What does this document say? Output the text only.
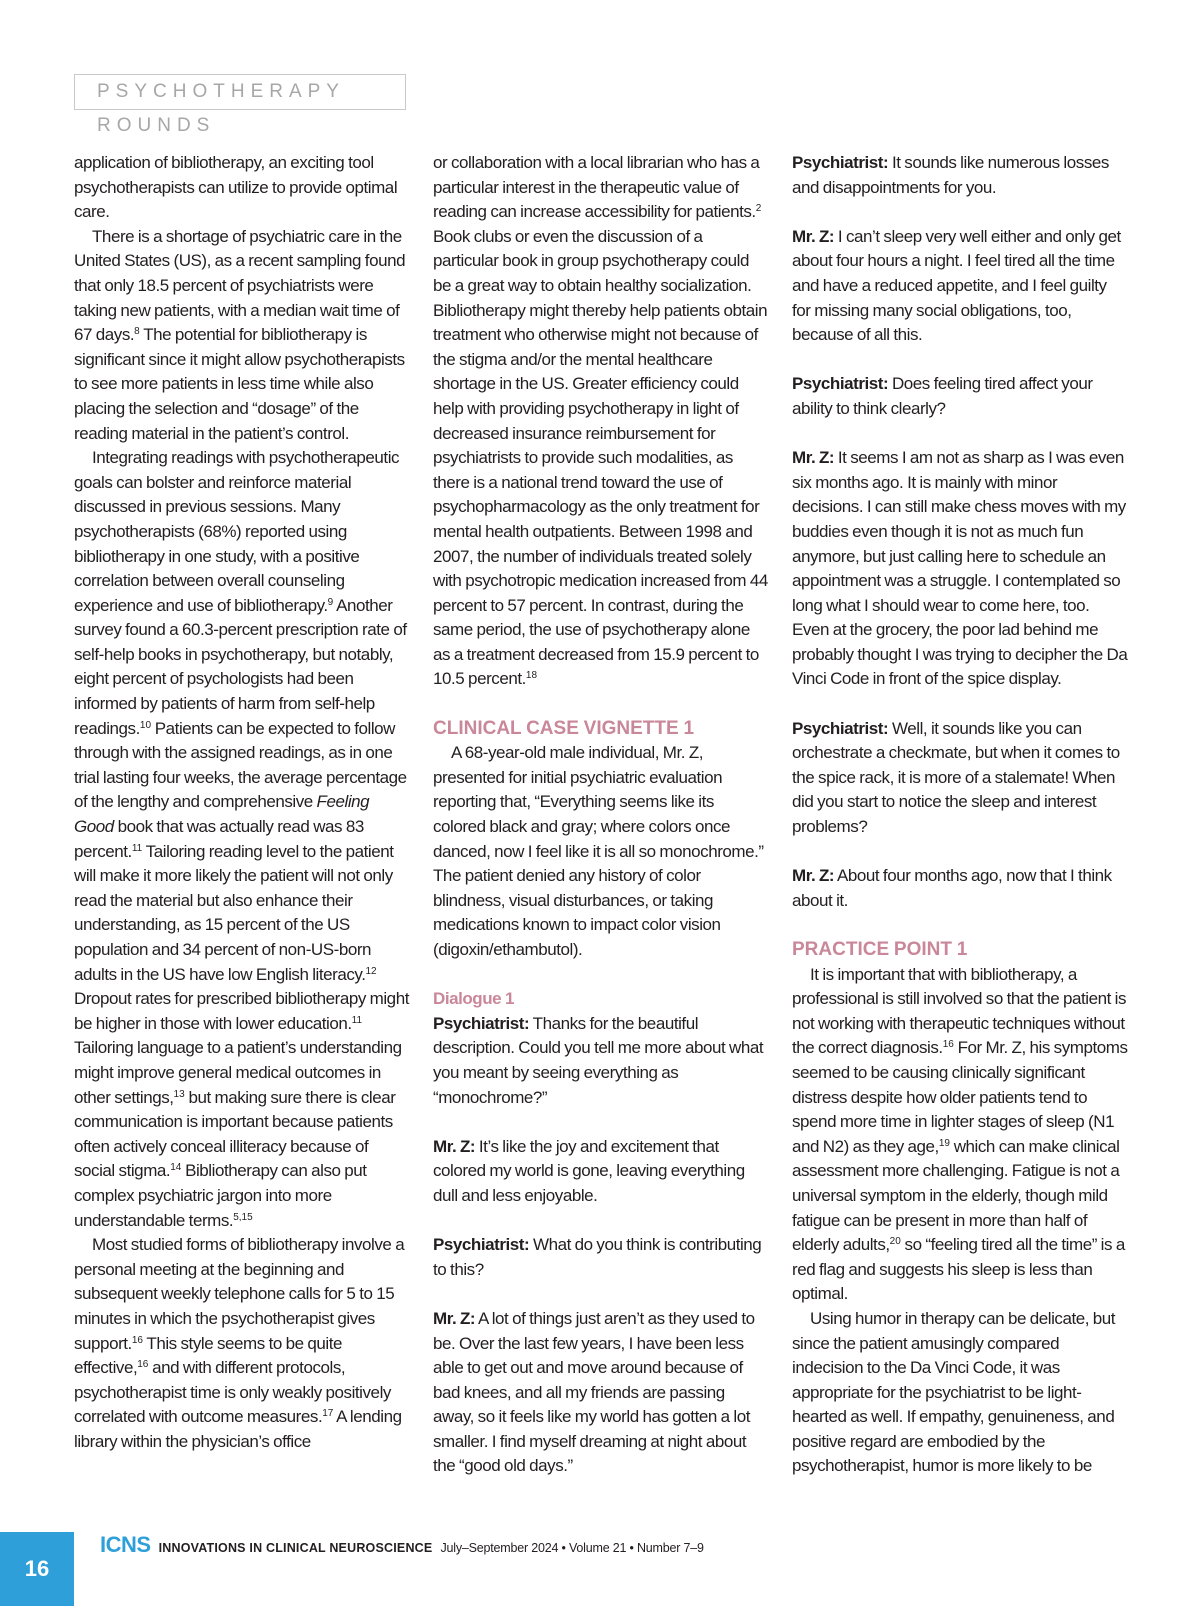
PSYCHOTHERAPY ROUNDS

application of bibliotherapy, an exciting tool psychotherapists can utilize to provide optimal care.

There is a shortage of psychiatric care in the United States (US), as a recent sampling found that only 18.5 percent of psychiatrists were taking new patients, with a median wait time of 67 days.$^8$ The potential for bibliotherapy is significant since it might allow psychotherapists to see more patients in less time while also placing the selection and “dosage” of the reading material in the patient’s control.

Integrating readings with psychotherapeutic goals can bolster and reinforce material discussed in previous sessions. Many psychotherapists (68%) reported using bibliotherapy in one study, with a positive correlation between overall counseling experience and use of bibliotherapy.$^9$ Another survey found a 60.3-percent prescription rate of self-help books in psychotherapy, but notably, eight percent of psychologists had been informed by patients of harm from self-help readings.$^{10}$ Patients can be expected to follow through with the assigned readings, as in one trial lasting four weeks, the average percentage of the lengthy and comprehensive Feeling Good book that was actually read was 83 percent.$^{11}$ Tailoring reading level to the patient will make it more likely the patient will not only read the material but also enhance their understanding, as 15 percent of the US population and 34 percent of non-US-born adults in the US have low English literacy.$^{12}$ Dropout rates for prescribed bibliotherapy might be higher in those with lower education.$^{11}$ Tailoring language to a patient’s understanding might improve general medical outcomes in other settings,$^{13}$ but making sure there is clear communication is important because patients often actively conceal illiteracy because of social stigma.$^{14}$ Bibliotherapy can also put complex psychiatric jargon into more understandable terms.$^{5,15}$

Most studied forms of bibliotherapy involve a personal meeting at the beginning and subsequent weekly telephone calls for 5 to 15 minutes in which the psychotherapist gives support.$^{16}$ This style seems to be quite effective,$^{16}$ and with different protocols, psychotherapist time is only weakly positively correlated with outcome measures.$^{17}$ A lending library within the physician’s office

or collaboration with a local librarian who has a particular interest in the therapeutic value of reading can increase accessibility for patients.$^2$ Book clubs or even the discussion of a particular book in group psychotherapy could be a great way to obtain healthy socialization. Bibliotherapy might thereby help patients obtain treatment who otherwise might not because of the stigma and/or the mental healthcare shortage in the US. Greater efficiency could help with providing psychotherapy in light of decreased insurance reimbursement for psychiatrists to provide such modalities, as there is a national trend toward the use of psychopharmacology as the only treatment for mental health outpatients. Between 1998 and 2007, the number of individuals treated solely with psychotropic medication increased from 44 percent to 57 percent. In contrast, during the same period, the use of psychotherapy alone as a treatment decreased from 15.9 percent to 10.5 percent.$^{18}$

CLINICAL CASE VIGNETTE 1

A 68-year-old male individual, Mr. Z, presented for initial psychiatric evaluation reporting that, “Everything seems like its colored black and gray; where colors once danced, now I feel like it is all so monochrome.” The patient denied any history of color blindness, visual disturbances, or taking medications known to impact color vision (digoxin/ethambutol).

Dialogue 1

Psychiatrist: Thanks for the beautiful description. Could you tell me more about what you meant by seeing everything as “monochrome?”

Mr. Z: It’s like the joy and excitement that colored my world is gone, leaving everything dull and less enjoyable.

Psychiatrist: What do you think is contributing to this?

Mr. Z: A lot of things just aren’t as they used to be. Over the last few years, I have been less able to get out and move around because of bad knees, and all my friends are passing away, so it feels like my world has gotten a lot smaller. I find myself dreaming at night about the “good old days.”

Psychiatrist: It sounds like numerous losses and disappointments for you.

Mr. Z: I can’t sleep very well either and only get about four hours a night. I feel tired all the time and have a reduced appetite, and I feel guilty for missing many social obligations, too, because of all this.

Psychiatrist: Does feeling tired affect your ability to think clearly?

Mr. Z: It seems I am not as sharp as I was even six months ago. It is mainly with minor decisions. I can still make chess moves with my buddies even though it is not as much fun anymore, but just calling here to schedule an appointment was a struggle. I contemplated so long what I should wear to come here, too. Even at the grocery, the poor lad behind me probably thought I was trying to decipher the Da Vinci Code in front of the spice display.

Psychiatrist: Well, it sounds like you can orchestrate a checkmate, but when it comes to the spice rack, it is more of a stalemate! When did you start to notice the sleep and interest problems?

Mr. Z: About four months ago, now that I think about it.

PRACTICE POINT 1

It is important that with bibliotherapy, a professional is still involved so that the patient is not working with therapeutic techniques without the correct diagnosis.$^{16}$ For Mr. Z, his symptoms seemed to be causing clinically significant distress despite how older patients tend to spend more time in lighter stages of sleep (N1 and N2) as they age,$^{19}$ which can make clinical assessment more challenging. Fatigue is not a universal symptom in the elderly, though mild fatigue can be present in more than half of elderly adults,$^{20}$ so “feeling tired all the time” is a red flag and suggests his sleep is less than optimal.

Using humor in therapy can be delicate, but since the patient amusingly compared indecision to the Da Vinci Code, it was appropriate for the psychiatrist to be light-hearted as well. If empathy, genuineness, and positive regard are embodied by the psychotherapist, humor is more likely to be

16
ICNS INNOVATIONS IN CLINICAL NEUROSCIENCE July–September 2024 • Volume 21 • Number 7–9
